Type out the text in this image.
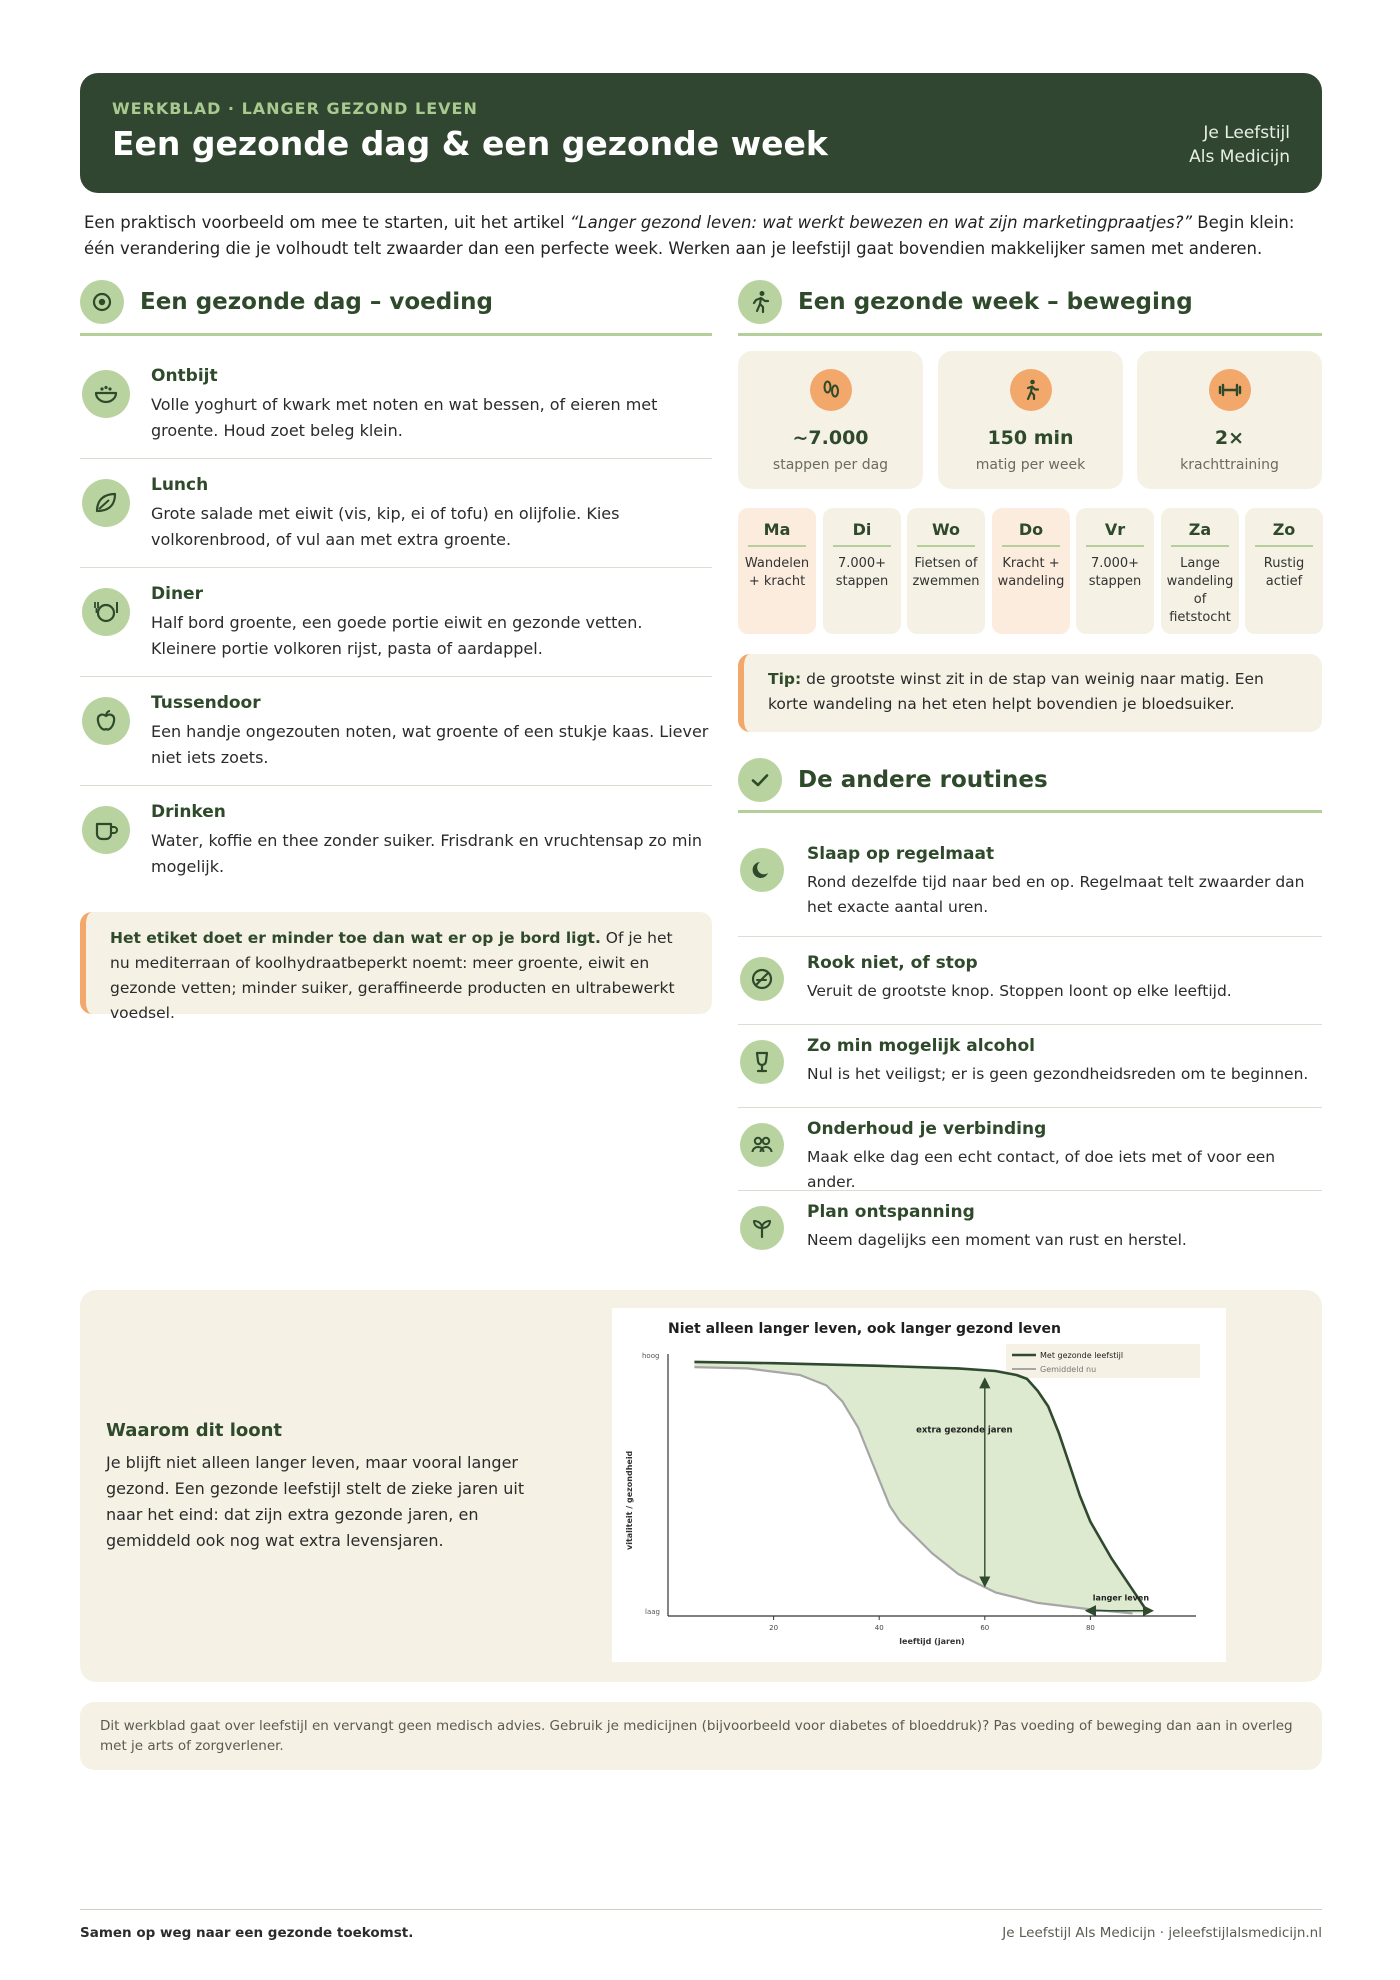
WERKBLAD · LANGER GEZOND LEVEN
Een gezonde dag & een gezonde week	Je Leefstijl
Als Medicijn

Een praktisch voorbeeld om mee te starten, uit het artikel “Langer gezond leven: wat werkt bewezen en wat zijn marketingpraatjes?” Begin klein: één verandering die je volhoudt telt zwaarder dan een perfecte week. Werken aan je leefstijl gaat bovendien makkelijker samen met anderen.

Een gezonde dag – voeding
Ontbijt
Volle yoghurt of kwark met noten en wat bessen, of eieren met groente. Houd zoet beleg klein.
Lunch
Grote salade met eiwit (vis, kip, ei of tofu) en olijfolie. Kies volkorenbrood, of vul aan met extra groente.
Diner
Half bord groente, een goede portie eiwit en gezonde vetten. Kleinere portie volkoren rijst, pasta of aardappel.
Tussendoor
Een handje ongezouten noten, wat groente of een stukje kaas. Liever niet iets zoets.
Drinken
Water, koffie en thee zonder suiker. Frisdrank en vruchtensap zo min mogelijk.
Het etiket doet er minder toe dan wat er op je bord ligt. Of je het nu mediterraan of koolhydraatbeperkt noemt: meer groente, eiwit en gezonde vetten; minder suiker, geraffineerde producten en ultrabewerkt voedsel.
Een gezonde week – beweging
~7.000
stappen per dag
150 min
matig per week
2×
krachttraining
Ma
Wandelen + kracht
Di
7.000+ stappen
Wo
Fietsen of zwemmen
Do
Kracht + wandeling
Vr
7.000+ stappen
Za
Lange wandeling of fietstocht
Zo
Rustig actief
Tip: de grootste winst zit in de stap van weinig naar matig. Een korte wandeling na het eten helpt bovendien je bloedsuiker.
De andere routines
Slaap op regelmaat
Rond dezelfde tijd naar bed en op. Regelmaat telt zwaarder dan het exacte aantal uren.
Rook niet, of stop
Veruit de grootste knop. Stoppen loont op elke leeftijd.
Zo min mogelijk alcohol
Nul is het veiligst; er is geen gezondheidsreden om te beginnen.
Onderhoud je verbinding
Maak elke dag een echt contact, of doe iets met of voor een ander.
Plan ontspanning
Neem dagelijks een moment van rust en herstel.
Waarom dit loont
Je blijft niet alleen langer leven, maar vooral langer gezond. Een gezonde leefstijl stelt de zieke jaren uit naar het eind: dat zijn extra gezonde jaren, en gemiddeld ook nog wat extra levensjaren.
Niet alleen langer leven, ook langer gezond leven
Met gezonde leefstijl
Gemiddeld nu
hoog
laag
vitaliteit / gezondheid
leeftijd (jaren)
20	40	60	80
extra gezonde jaren
langer leven
Dit werkblad gaat over leefstijl en vervangt geen medisch advies. Gebruik je medicijnen (bijvoorbeeld voor diabetes of bloeddruk)? Pas voeding of beweging dan aan in overleg met je arts of zorgverlener.
Samen op weg naar een gezonde toekomst.	Je Leefstijl Als Medicijn · jeleefstijlalsmedicijn.nl
